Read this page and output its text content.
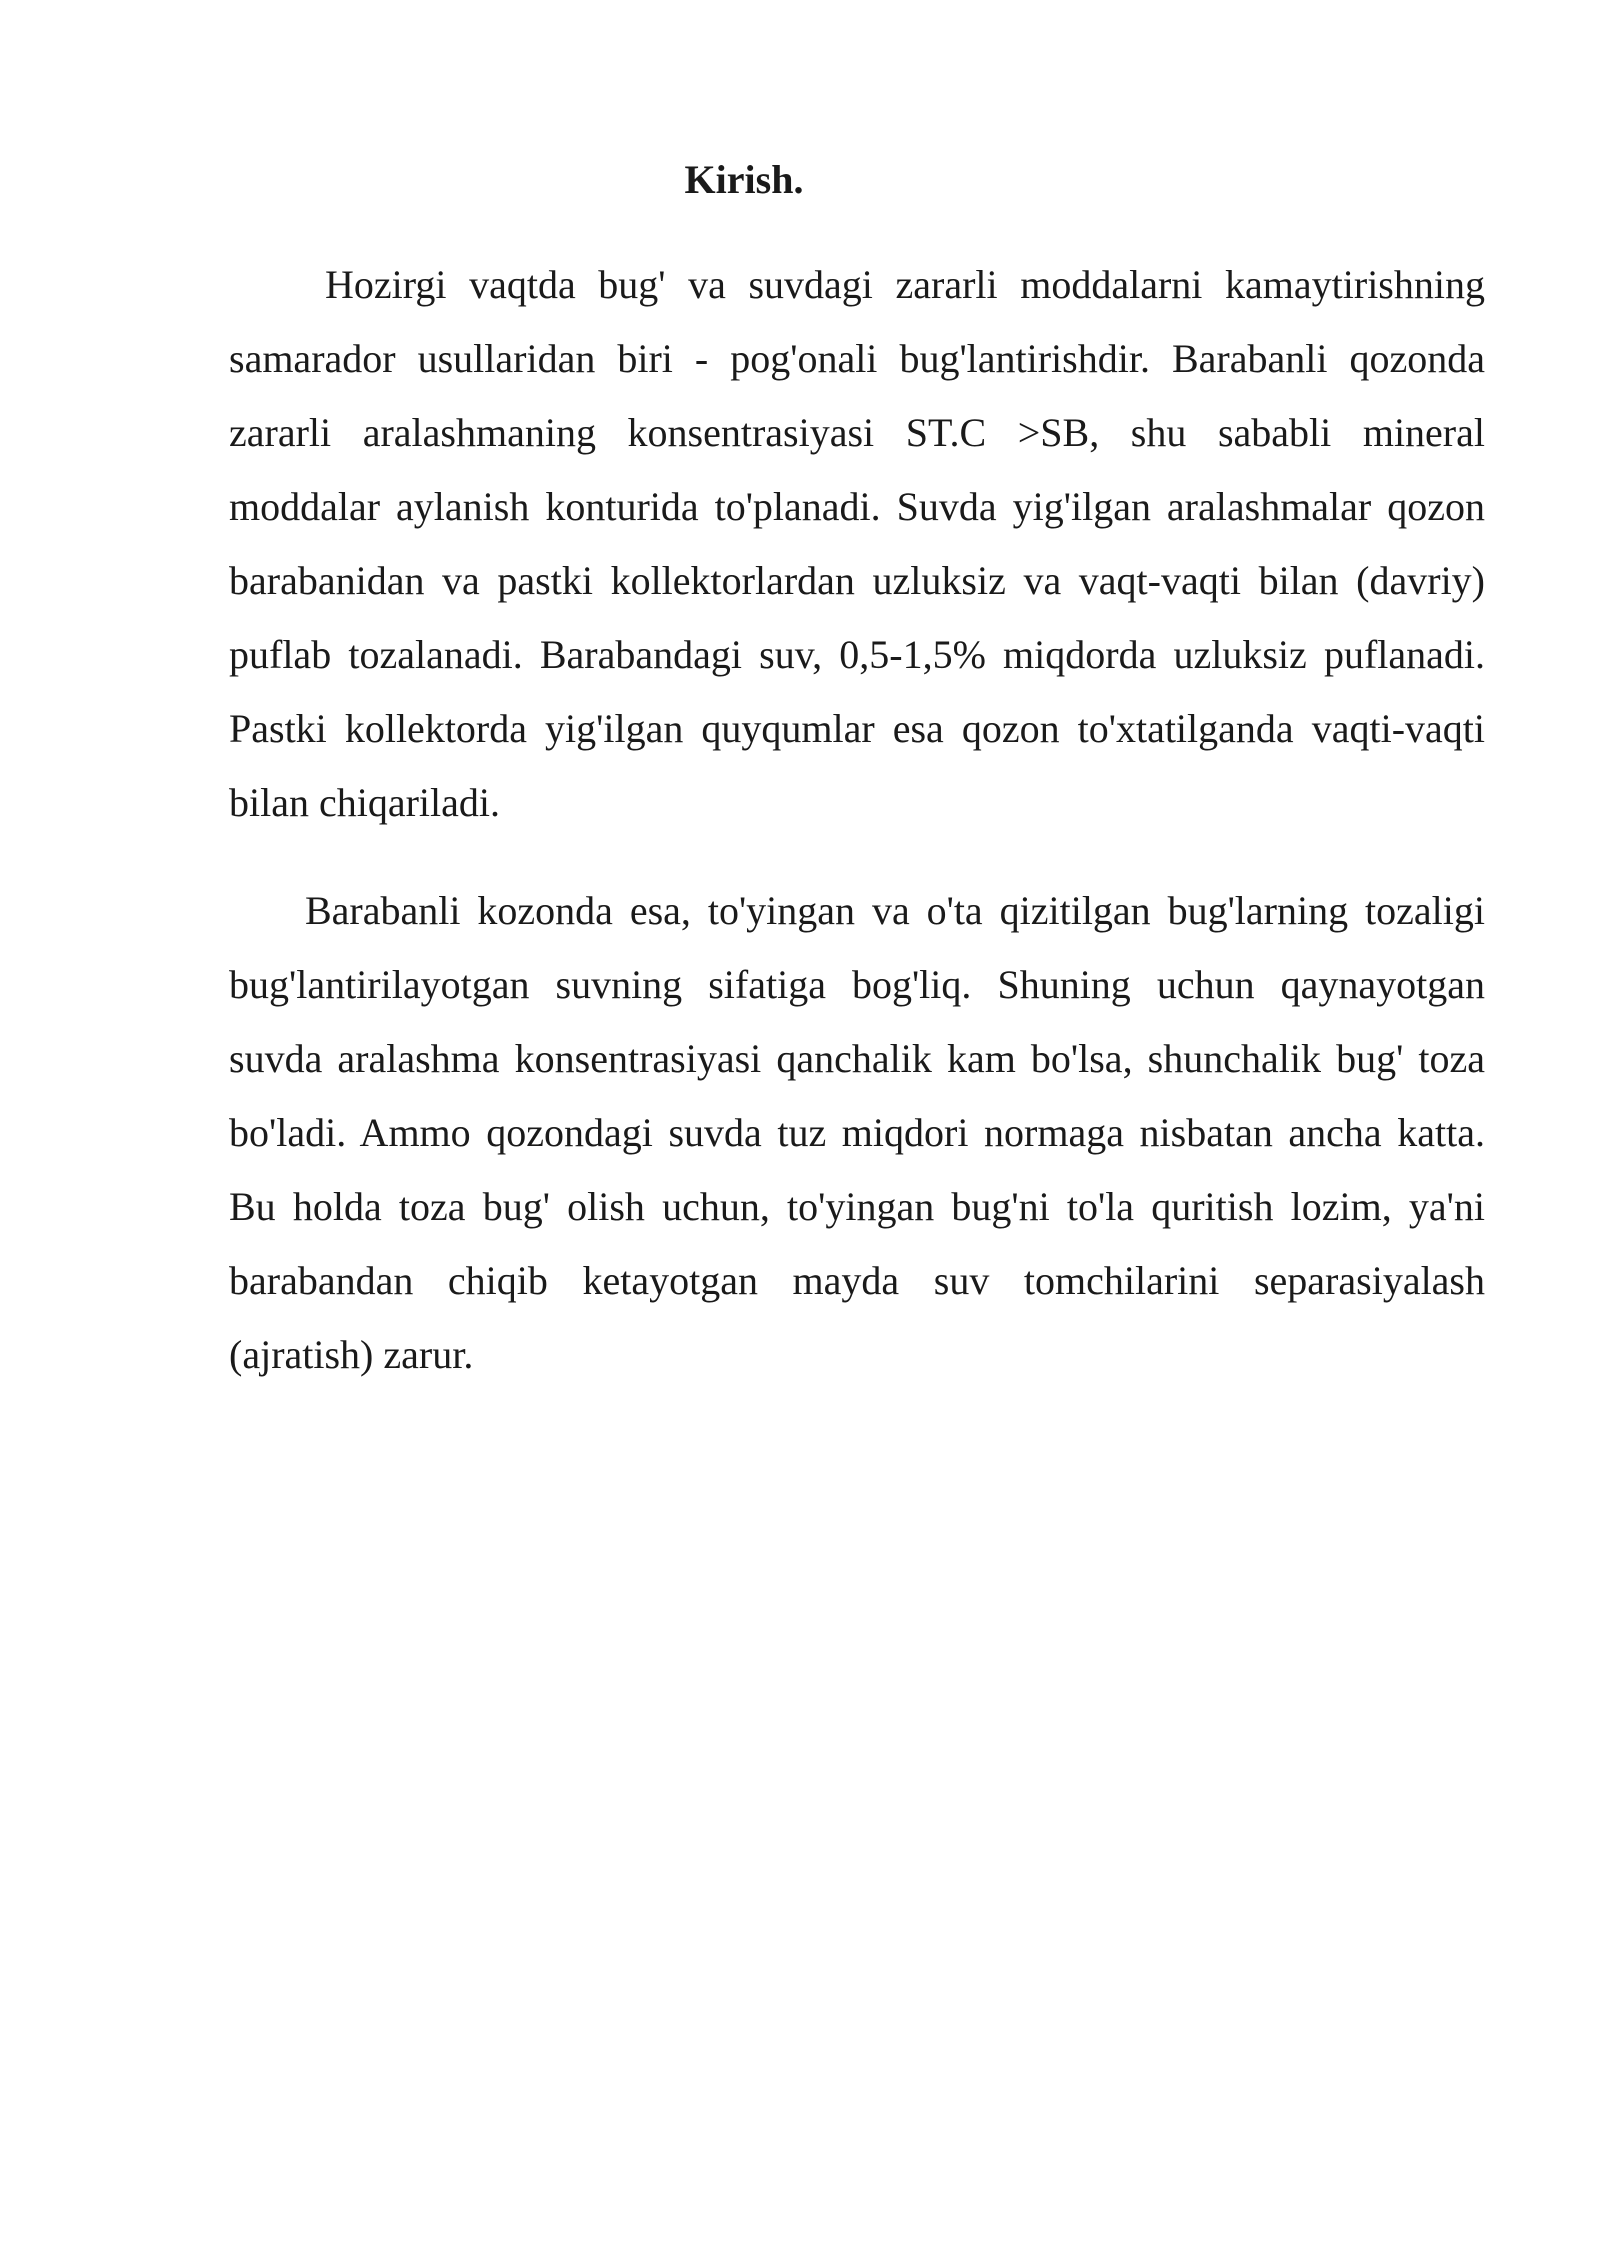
Kirish.

Hozirgi vaqtda bug' va suvdagi zararli moddalarni kamaytirishning samarador usullaridan biri - pog'onali bug'lantirishdir. Barabanli qozonda zararli aralashmaning konsentrasiyasi ST.C >SB, shu sababli mineral moddalar aylanish konturida to'planadi. Suvda yig'ilgan aralashmalar qozon barabanidan va pastki kollektorlardan uzluksiz va vaqt-vaqti bilan (davriy) puflab tozalanadi. Barabandagi suv, 0,5-1,5% miqdorda uzluksiz puflanadi. Pastki kollektorda yig'ilgan quyqumlar esa qozon to'xtatilganda vaqti-vaqti bilan chiqariladi.

Barabanli kozonda esa, to'yingan va o'ta qizitilgan bug'larning tozaligi bug'lantirilayotgan suvning sifatiga bog'liq. Shuning uchun qaynayotgan suvda aralashma konsentrasiyasi qanchalik kam bo'lsa, shunchalik bug' toza bo'ladi. Ammo qozondagi suvda tuz miqdori normaga nisbatan ancha katta. Bu holda toza bug' olish uchun, to'yingan bug'ni to'la quritish lozim, ya'ni barabandan chiqib ketayotgan mayda suv tomchilarini separasiyalash (ajratish) zarur.
